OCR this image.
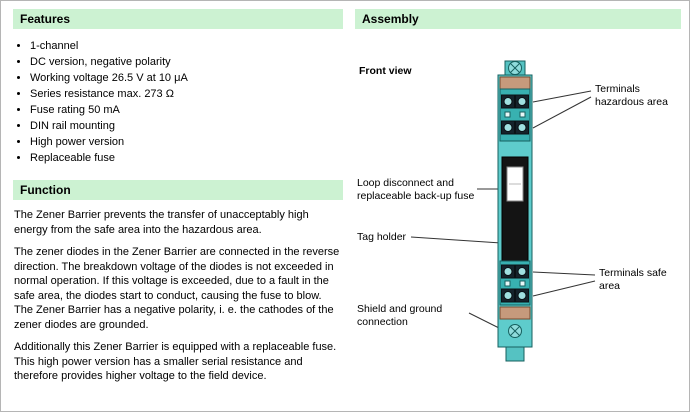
Features
• 1-channel
• DC version, negative polarity
• Working voltage 26.5 V at 10 μA
• Series resistance max. 273 Ω
• Fuse rating 50 mA
• DIN rail mounting
• High power version
• Replaceable fuse
Function

The Zener Barrier prevents the transfer of unacceptably high energy from the safe area into the hazardous area.

The zener diodes in the Zener Barrier are connected in the reverse direction. The breakdown voltage of the diodes is not exceeded in normal operation. If this voltage is exceeded, due to a fault in the safe area, the diodes start to conduct, causing the fuse to blow. The Zener Barrier has a negative polarity, i. e. the cathodes of the zener diodes are grounded.

Additionally this Zener Barrier is equipped with a replaceable fuse. This high power version has a smaller serial resistance and therefore provides higher voltage to the field device.

Assembly
Front view
Terminals hazardous area
Loop disconnect and replaceable back-up fuse
Tag holder
Terminals safe area
Shield and ground connection
